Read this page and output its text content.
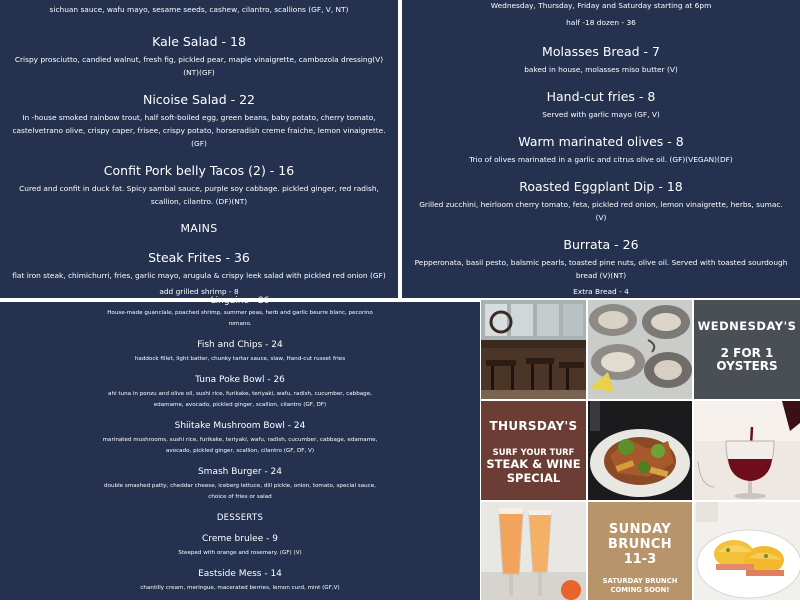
sichuan sauce, wafu mayo, sesame seeds, cashew, cilantro, scallions (GF, V, NT)
Kale Salad - 18
Crispy prosciutto, candied walnut, fresh fig, pickled pear, maple vinaigrette, cambozola dressing(V)
(NT)(GF)
Nicoise Salad - 22
In -house smoked rainbow trout, half soft-boiled egg, green beans, baby potato, cherry tomato,
castelvetrano olive, crispy caper, frisee, crispy potato, horseradish creme fraiche, lemon vinaigrette.
(GF)
Confit Pork belly Tacos (2) - 16
Cured and confit in duck fat. Spicy sambal sauce, purple soy cabbage. pickled ginger, red radish,
scallion, cilantro. (DF)(NT)
MAINS
Steak Frites - 36
flat iron steak, chimichurri, fries, garlic mayo, arugula & crispy leek salad with pickled red onion (GF)
add grilled shrimp - 8
Wednesday, Thursday, Friday and Saturday starting at 6pm
half -18 dozen - 36
Molasses Bread - 7
baked in house, molasses miso butter (V)
Hand-cut fries - 8
Served with garlic mayo (GF, V)
Warm marinated olives - 8
Trio of olives marinated in a garlic and citrus olive oil. (GF)(VEGAN)(DF)
Roasted Eggplant Dip - 18
Grilled zucchini, heirloom cherry tomato, feta, pickled red onion, lemon vinaigrette, herbs, sumac.
(V)
Burrata - 26
Pepperonata, basil pesto, balsmic pearls, toasted pine nuts, olive oil. Served with toasted sourdough
bread (V)(NT)
Extra Bread - 4
Linguine - 26
House-made guanciale, poached shrimp, summer peas, herb and garlic beurre blanc, pecorino
romano.
Fish and Chips - 24
haddock fillet, light batter, chunky tartar sauce, slaw, Hand-cut russet fries
Tuna Poke Bowl - 26
ahi tuna in ponzu and olive oil, sushi rice, furikake, teriyaki, wafu, radish, cucumber, cabbage,
edamame, avocado, pickled ginger, scallion, cilantro (GF, DF)
Shiitake Mushroom Bowl - 24
marinated mushrooms, sushi rice, furikake, teriyaki, wafu, radish, cucumber, cabbage, edamame,
avocado, pickled ginger, scallion, cilantro (GF, DF, V)
Smash Burger - 24
double smashed patty, cheddar cheese, iceberg lettuce, dill pickle, onion, tomato, special sauce,
choice of fries or salad
DESSERTS
Creme brulee - 9
Steeped with orange and rosemary. (GF) (V)
Eastside Mess - 14
chantilly cream, meringue, macerated berries, lemon curd, mint (GF,V)
(GF-gluten free) (DF-dairy free) (V-vegetarian) (VEGAN) (NT - nuts)
WEDNESDAY'S
2 FOR 1
OYSTERS
THURSDAY'S
SURF YOUR TURF
STEAK & WINE
SPECIAL
SUNDAY
BRUNCH
11-3
SATURDAY BRUNCH
COMING SOON!
